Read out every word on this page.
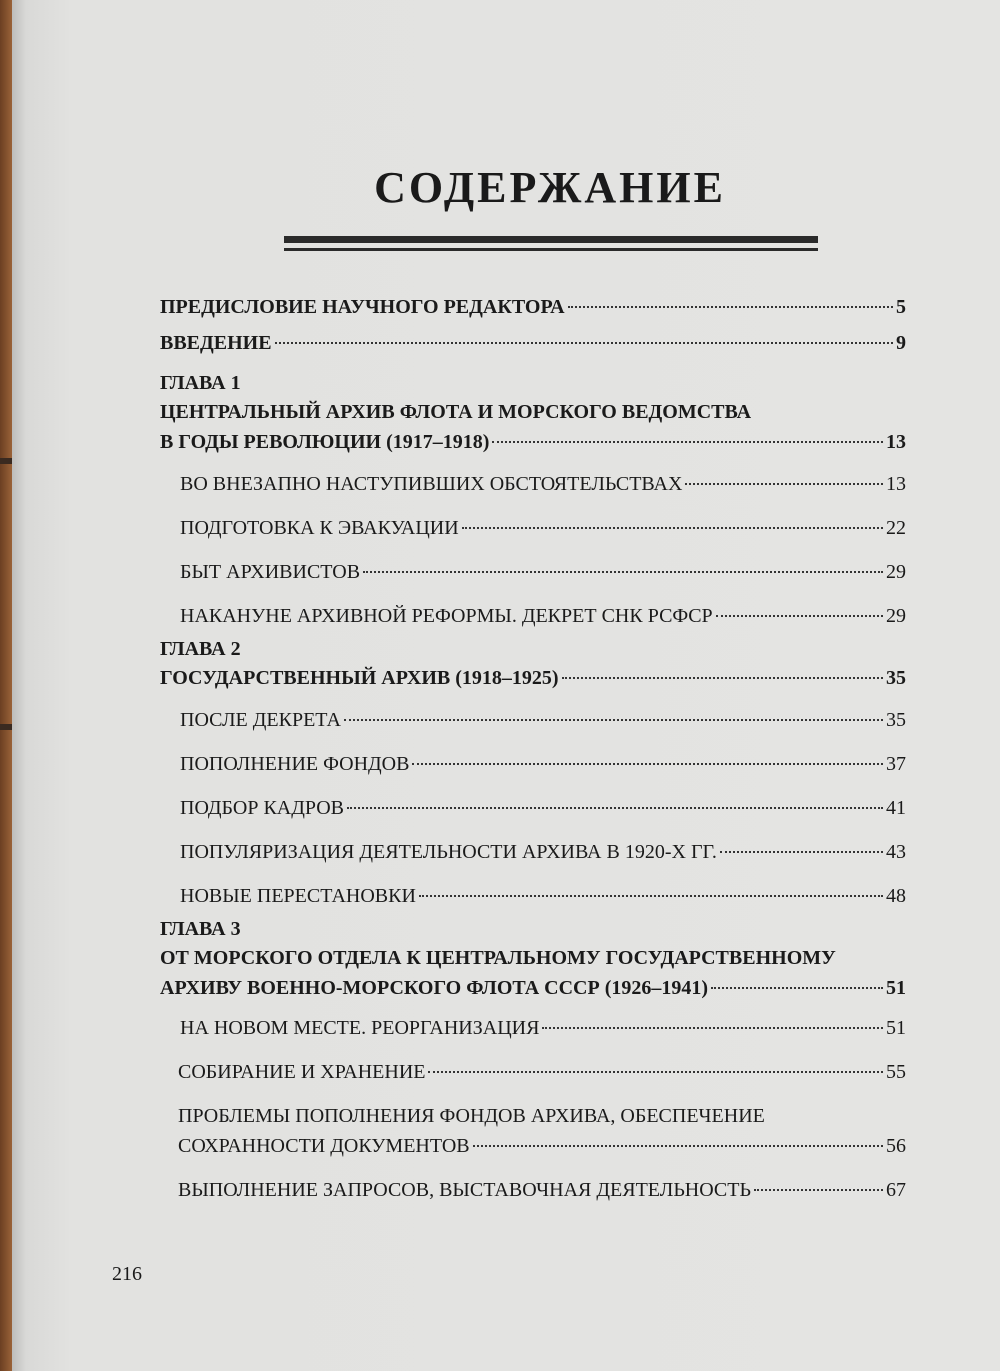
СОДЕРЖАНИЕ
ПРЕДИСЛОВИЕ НАУЧНОГО РЕДАКТОРА	5
ВВЕДЕНИЕ	9
ГЛАВА 1
ЦЕНТРАЛЬНЫЙ АРХИВ ФЛОТА И МОРСКОГО ВЕДОМСТВА
В ГОДЫ РЕВОЛЮЦИИ (1917–1918)	13
ВО ВНЕЗАПНО НАСТУПИВШИХ ОБСТОЯТЕЛЬСТВАХ	13
ПОДГОТОВКА К ЭВАКУАЦИИ	22
БЫТ АРХИВИСТОВ	29
НАКАНУНЕ АРХИВНОЙ РЕФОРМЫ. ДЕКРЕТ СНК РСФСР	29
ГЛАВА 2
ГОСУДАРСТВЕННЫЙ АРХИВ (1918–1925)	35
ПОСЛЕ ДЕКРЕТА	35
ПОПОЛНЕНИЕ ФОНДОВ	37
ПОДБОР КАДРОВ	41
ПОПУЛЯРИЗАЦИЯ ДЕЯТЕЛЬНОСТИ АРХИВА В 1920-Х ГГ.	43
НОВЫЕ ПЕРЕСТАНОВКИ	48
ГЛАВА 3
ОТ МОРСКОГО ОТДЕЛА К ЦЕНТРАЛЬНОМУ ГОСУДАРСТВЕННОМУ
АРХИВУ ВОЕННО-МОРСКОГО ФЛОТА СССР (1926–1941)	51
НА НОВОМ МЕСТЕ. РЕОРГАНИЗАЦИЯ	51
СОБИРАНИЕ И ХРАНЕНИЕ	55
ПРОБЛЕМЫ ПОПОЛНЕНИЯ ФОНДОВ АРХИВА, ОБЕСПЕЧЕНИЕ
СОХРАННОСТИ ДОКУМЕНТОВ	56
ВЫПОЛНЕНИЕ ЗАПРОСОВ, ВЫСТАВОЧНАЯ ДЕЯТЕЛЬНОСТЬ	67
216
